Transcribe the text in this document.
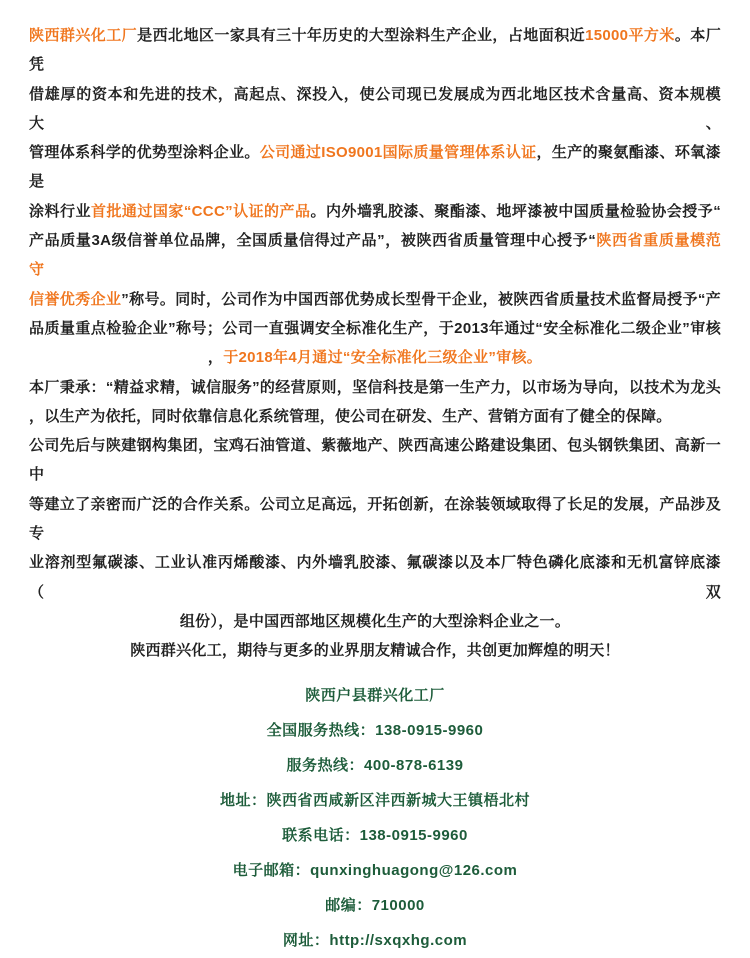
陕西群兴化工厂是西北地区一家具有三十年历史的大型涂料生产企业，占地面积近15000平方米。本厂凭
借雄厚的资本和先进的技术，高起点、深投入，使公司现已发展成为西北地区技术含量高、资本规模大、
管理体系科学的优势型涂料企业。公司通过ISO9001国际质量管理体系认证，生产的聚氨酯漆、环氧漆是
涂料行业首批通过国家“CCC”认证的产品。内外墙乳胶漆、聚酯漆、地坪漆被中国质量检验协会授予“
产品质量3A级信誉单位品牌，全国质量信得过产品”，被陕西省质量管理中心授予“陕西省重质量模范守
信誉优秀企业”称号。同时，公司作为中国西部优势成长型骨干企业，被陕西省质量技术监督局授予“产
品质量重点检验企业”称号；公司一直强调安全标准化生产，于2013年通过“安全标准化二级企业”审核
，于2018年4月通过“安全标准化三级企业”审核。
本厂秉承：“精益求精，诚信服务”的经营原则，坚信科技是第一生产力，以市场为导向，以技术为龙头
，以生产为依托，同时依靠信息化系统管理，使公司在研发、生产、营销方面有了健全的保障。
公司先后与陕建钢构集团，宝鸡石油管道、紫薇地产、陕西高速公路建设集团、包头钢铁集团、高新一中
等建立了亲密而广泛的合作关系。公司立足高远，开拓创新，在涂装领域取得了长足的发展，产品涉及专
业溶剂型氟碳漆、工业认准丙烯酸漆、内外墙乳胶漆、氟碳漆以及本厂特色磷化底漆和无机富锌底漆（双
组份），是中国西部地区规模化生产的大型涂料企业之一。
陕西群兴化工，期待与更多的业界朋友精诚合作，共创更加辉煌的明天！
陕西户县群兴化工厂
全国服务热线：138-0915-9960
服务热线：400-878-6139
地址：陕西省西咸新区沣西新城大王镇梧北村
联系电话：138-0915-9960
电子邮箱：qunxinghuagong@126.com
邮编：710000
网址：http://sxqxhg.com
